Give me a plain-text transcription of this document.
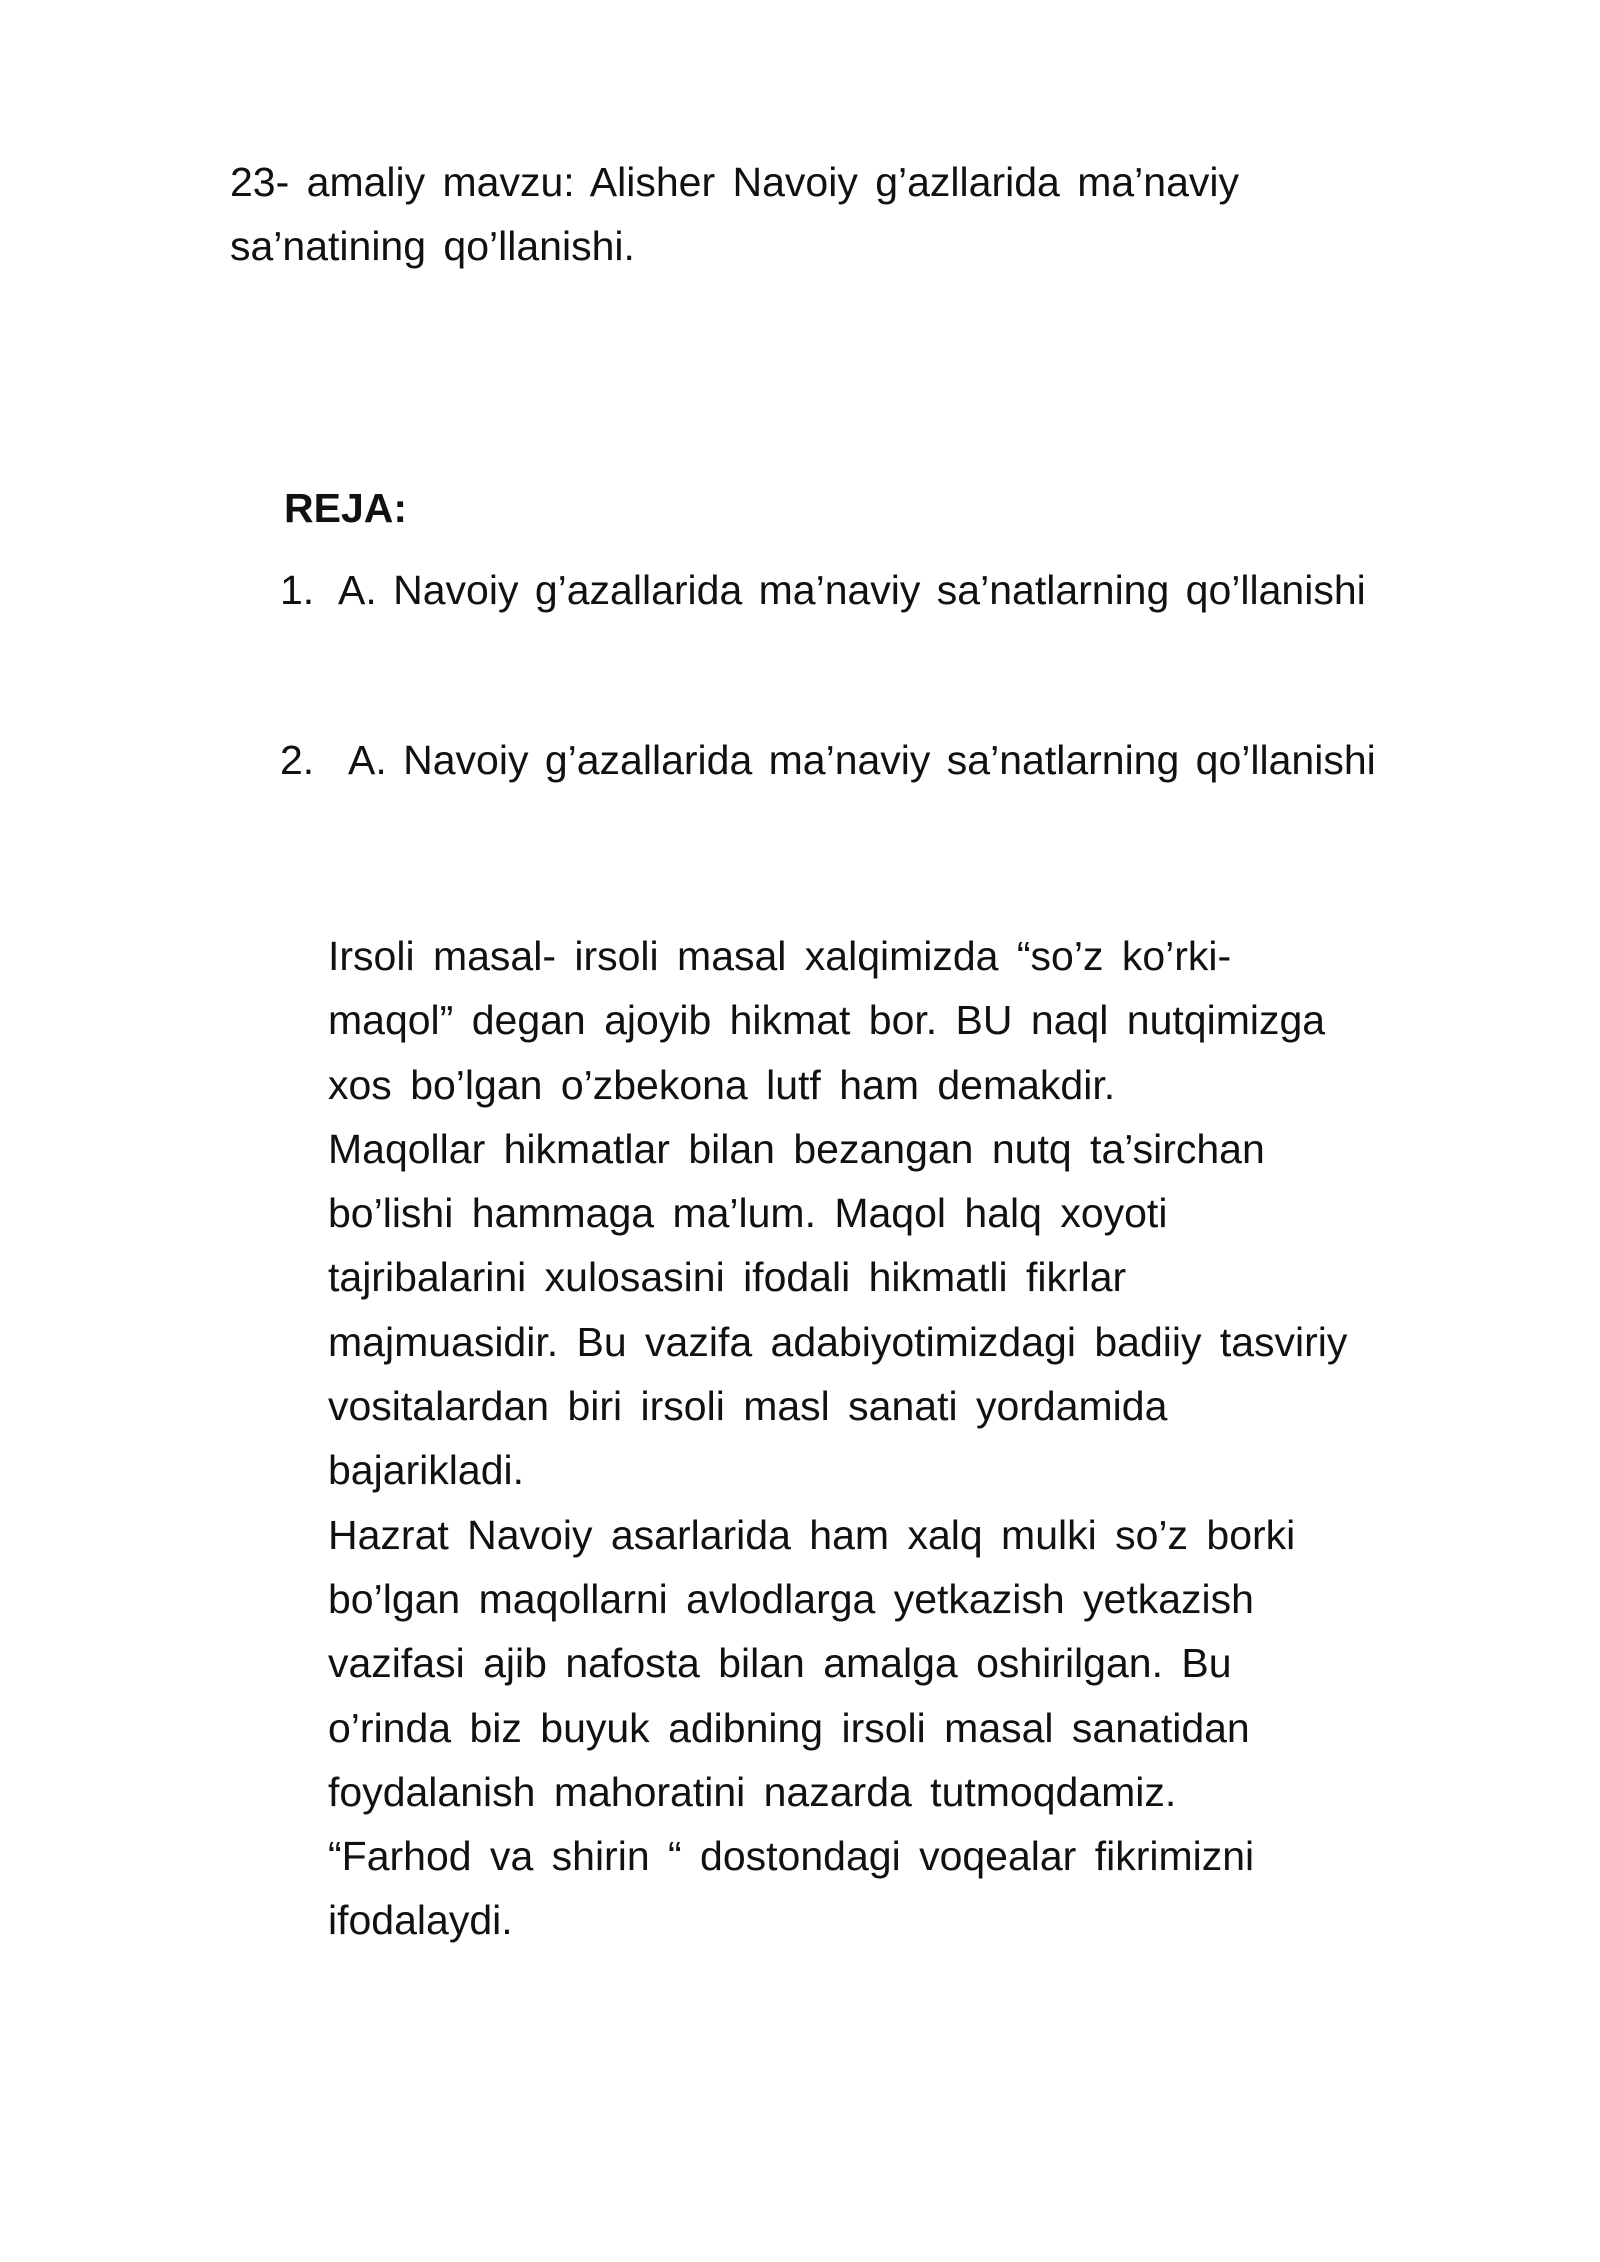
23- amaliy mavzu: Alisher Navoiy g’azllarida ma’naviy
sa’natining qo’llanishi.
REJA:
1. A. Navoiy g’azallarida ma’naviy sa’natlarning qo’llanishi
2. A. Navoiy g’azallarida ma’naviy sa’natlarning qo’llanishi
Irsoli masal- irsoli masal xalqimizda “so’z ko’rki-
maqol” degan ajoyib hikmat bor. BU naql nutqimizga
xos bo’lgan o’zbekona lutf ham demakdir.
Maqollar hikmatlar bilan bezangan nutq ta’sirchan
bo’lishi hammaga ma’lum. Maqol halq xoyoti
tajribalarini xulosasini ifodali hikmatli fikrlar
majmuasidir. Bu vazifa adabiyotimizdagi badiiy tasviriy
vositalardan biri irsoli masl sanati yordamida
bajarikladi.
Hazrat Navoiy asarlarida ham xalq mulki so’z borki
bo’lgan maqollarni avlodlarga yetkazish yetkazish
vazifasi ajib nafosta bilan amalga oshirilgan. Bu
o’rinda biz buyuk adibning irsoli masal sanatidan
foydalanish mahoratini nazarda tutmoqdamiz.
“Farhod va shirin “ dostondagi voqealar fikrimizni
ifodalaydi.
